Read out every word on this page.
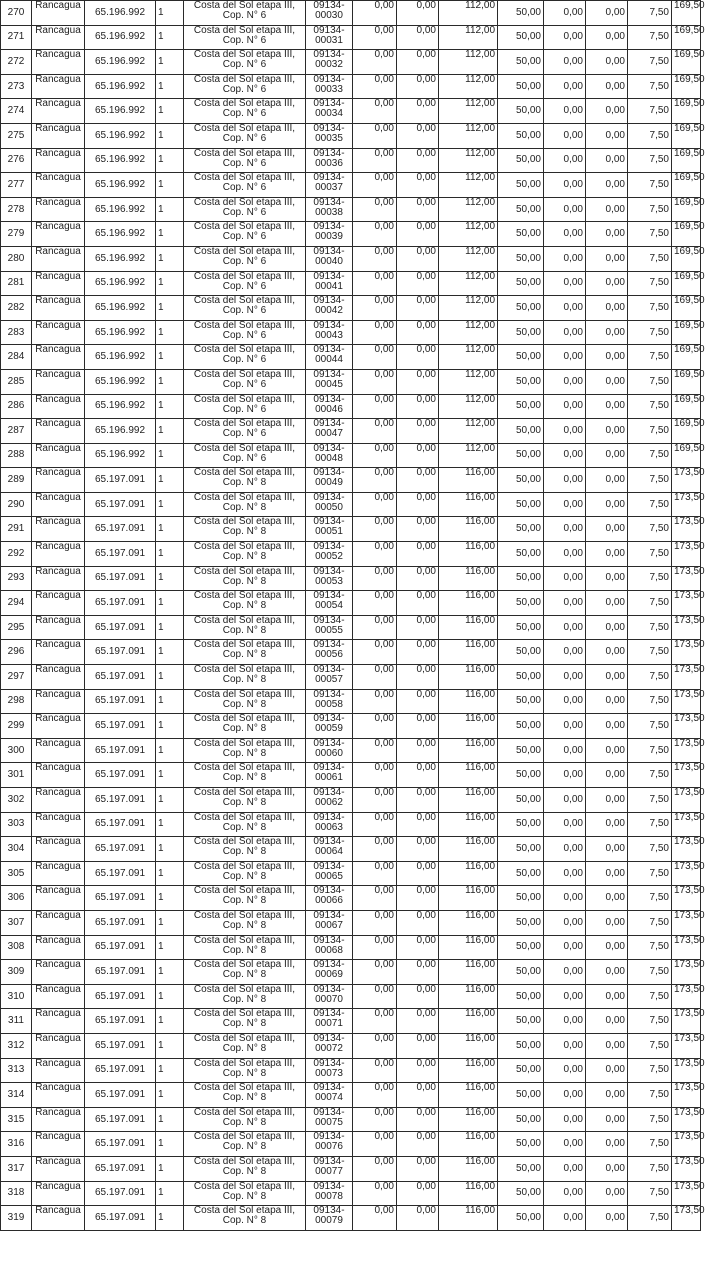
270	Rancagua	65.196.992	1	Costa del Sol etapa III,
Cop. N° 6	09134-
00030	0,00	0,00	112,00	50,00	0,00	0,00	7,50	169,50
271	Rancagua	65.196.992	1	Costa del Sol etapa III,
Cop. N° 6	09134-
00031	0,00	0,00	112,00	50,00	0,00	0,00	7,50	169,50
272	Rancagua	65.196.992	1	Costa del Sol etapa III,
Cop. N° 6	09134-
00032	0,00	0,00	112,00	50,00	0,00	0,00	7,50	169,50
273	Rancagua	65.196.992	1	Costa del Sol etapa III,
Cop. N° 6	09134-
00033	0,00	0,00	112,00	50,00	0,00	0,00	7,50	169,50
274	Rancagua	65.196.992	1	Costa del Sol etapa III,
Cop. N° 6	09134-
00034	0,00	0,00	112,00	50,00	0,00	0,00	7,50	169,50
275	Rancagua	65.196.992	1	Costa del Sol etapa III,
Cop. N° 6	09134-
00035	0,00	0,00	112,00	50,00	0,00	0,00	7,50	169,50
276	Rancagua	65.196.992	1	Costa del Sol etapa III,
Cop. N° 6	09134-
00036	0,00	0,00	112,00	50,00	0,00	0,00	7,50	169,50
277	Rancagua	65.196.992	1	Costa del Sol etapa III,
Cop. N° 6	09134-
00037	0,00	0,00	112,00	50,00	0,00	0,00	7,50	169,50
278	Rancagua	65.196.992	1	Costa del Sol etapa III,
Cop. N° 6	09134-
00038	0,00	0,00	112,00	50,00	0,00	0,00	7,50	169,50
279	Rancagua	65.196.992	1	Costa del Sol etapa III,
Cop. N° 6	09134-
00039	0,00	0,00	112,00	50,00	0,00	0,00	7,50	169,50
280	Rancagua	65.196.992	1	Costa del Sol etapa III,
Cop. N° 6	09134-
00040	0,00	0,00	112,00	50,00	0,00	0,00	7,50	169,50
281	Rancagua	65.196.992	1	Costa del Sol etapa III,
Cop. N° 6	09134-
00041	0,00	0,00	112,00	50,00	0,00	0,00	7,50	169,50
282	Rancagua	65.196.992	1	Costa del Sol etapa III,
Cop. N° 6	09134-
00042	0,00	0,00	112,00	50,00	0,00	0,00	7,50	169,50
283	Rancagua	65.196.992	1	Costa del Sol etapa III,
Cop. N° 6	09134-
00043	0,00	0,00	112,00	50,00	0,00	0,00	7,50	169,50
284	Rancagua	65.196.992	1	Costa del Sol etapa III,
Cop. N° 6	09134-
00044	0,00	0,00	112,00	50,00	0,00	0,00	7,50	169,50
285	Rancagua	65.196.992	1	Costa del Sol etapa III,
Cop. N° 6	09134-
00045	0,00	0,00	112,00	50,00	0,00	0,00	7,50	169,50
286	Rancagua	65.196.992	1	Costa del Sol etapa III,
Cop. N° 6	09134-
00046	0,00	0,00	112,00	50,00	0,00	0,00	7,50	169,50
287	Rancagua	65.196.992	1	Costa del Sol etapa III,
Cop. N° 6	09134-
00047	0,00	0,00	112,00	50,00	0,00	0,00	7,50	169,50
288	Rancagua	65.196.992	1	Costa del Sol etapa III,
Cop. N° 6	09134-
00048	0,00	0,00	112,00	50,00	0,00	0,00	7,50	169,50
289	Rancagua	65.197.091	1	Costa del Sol etapa III,
Cop. N° 8	09134-
00049	0,00	0,00	116,00	50,00	0,00	0,00	7,50	173,50
290	Rancagua	65.197.091	1	Costa del Sol etapa III,
Cop. N° 8	09134-
00050	0,00	0,00	116,00	50,00	0,00	0,00	7,50	173,50
291	Rancagua	65.197.091	1	Costa del Sol etapa III,
Cop. N° 8	09134-
00051	0,00	0,00	116,00	50,00	0,00	0,00	7,50	173,50
292	Rancagua	65.197.091	1	Costa del Sol etapa III,
Cop. N° 8	09134-
00052	0,00	0,00	116,00	50,00	0,00	0,00	7,50	173,50
293	Rancagua	65.197.091	1	Costa del Sol etapa III,
Cop. N° 8	09134-
00053	0,00	0,00	116,00	50,00	0,00	0,00	7,50	173,50
294	Rancagua	65.197.091	1	Costa del Sol etapa III,
Cop. N° 8	09134-
00054	0,00	0,00	116,00	50,00	0,00	0,00	7,50	173,50
295	Rancagua	65.197.091	1	Costa del Sol etapa III,
Cop. N° 8	09134-
00055	0,00	0,00	116,00	50,00	0,00	0,00	7,50	173,50
296	Rancagua	65.197.091	1	Costa del Sol etapa III,
Cop. N° 8	09134-
00056	0,00	0,00	116,00	50,00	0,00	0,00	7,50	173,50
297	Rancagua	65.197.091	1	Costa del Sol etapa III,
Cop. N° 8	09134-
00057	0,00	0,00	116,00	50,00	0,00	0,00	7,50	173,50
298	Rancagua	65.197.091	1	Costa del Sol etapa III,
Cop. N° 8	09134-
00058	0,00	0,00	116,00	50,00	0,00	0,00	7,50	173,50
299	Rancagua	65.197.091	1	Costa del Sol etapa III,
Cop. N° 8	09134-
00059	0,00	0,00	116,00	50,00	0,00	0,00	7,50	173,50
300	Rancagua	65.197.091	1	Costa del Sol etapa III,
Cop. N° 8	09134-
00060	0,00	0,00	116,00	50,00	0,00	0,00	7,50	173,50
301	Rancagua	65.197.091	1	Costa del Sol etapa III,
Cop. N° 8	09134-
00061	0,00	0,00	116,00	50,00	0,00	0,00	7,50	173,50
302	Rancagua	65.197.091	1	Costa del Sol etapa III,
Cop. N° 8	09134-
00062	0,00	0,00	116,00	50,00	0,00	0,00	7,50	173,50
303	Rancagua	65.197.091	1	Costa del Sol etapa III,
Cop. N° 8	09134-
00063	0,00	0,00	116,00	50,00	0,00	0,00	7,50	173,50
304	Rancagua	65.197.091	1	Costa del Sol etapa III,
Cop. N° 8	09134-
00064	0,00	0,00	116,00	50,00	0,00	0,00	7,50	173,50
305	Rancagua	65.197.091	1	Costa del Sol etapa III,
Cop. N° 8	09134-
00065	0,00	0,00	116,00	50,00	0,00	0,00	7,50	173,50
306	Rancagua	65.197.091	1	Costa del Sol etapa III,
Cop. N° 8	09134-
00066	0,00	0,00	116,00	50,00	0,00	0,00	7,50	173,50
307	Rancagua	65.197.091	1	Costa del Sol etapa III,
Cop. N° 8	09134-
00067	0,00	0,00	116,00	50,00	0,00	0,00	7,50	173,50
308	Rancagua	65.197.091	1	Costa del Sol etapa III,
Cop. N° 8	09134-
00068	0,00	0,00	116,00	50,00	0,00	0,00	7,50	173,50
309	Rancagua	65.197.091	1	Costa del Sol etapa III,
Cop. N° 8	09134-
00069	0,00	0,00	116,00	50,00	0,00	0,00	7,50	173,50
310	Rancagua	65.197.091	1	Costa del Sol etapa III,
Cop. N° 8	09134-
00070	0,00	0,00	116,00	50,00	0,00	0,00	7,50	173,50
311	Rancagua	65.197.091	1	Costa del Sol etapa III,
Cop. N° 8	09134-
00071	0,00	0,00	116,00	50,00	0,00	0,00	7,50	173,50
312	Rancagua	65.197.091	1	Costa del Sol etapa III,
Cop. N° 8	09134-
00072	0,00	0,00	116,00	50,00	0,00	0,00	7,50	173,50
313	Rancagua	65.197.091	1	Costa del Sol etapa III,
Cop. N° 8	09134-
00073	0,00	0,00	116,00	50,00	0,00	0,00	7,50	173,50
314	Rancagua	65.197.091	1	Costa del Sol etapa III,
Cop. N° 8	09134-
00074	0,00	0,00	116,00	50,00	0,00	0,00	7,50	173,50
315	Rancagua	65.197.091	1	Costa del Sol etapa III,
Cop. N° 8	09134-
00075	0,00	0,00	116,00	50,00	0,00	0,00	7,50	173,50
316	Rancagua	65.197.091	1	Costa del Sol etapa III,
Cop. N° 8	09134-
00076	0,00	0,00	116,00	50,00	0,00	0,00	7,50	173,50
317	Rancagua	65.197.091	1	Costa del Sol etapa III,
Cop. N° 8	09134-
00077	0,00	0,00	116,00	50,00	0,00	0,00	7,50	173,50
318	Rancagua	65.197.091	1	Costa del Sol etapa III,
Cop. N° 8	09134-
00078	0,00	0,00	116,00	50,00	0,00	0,00	7,50	173,50
319	Rancagua	65.197.091	1	Costa del Sol etapa III,
Cop. N° 8	09134-
00079	0,00	0,00	116,00	50,00	0,00	0,00	7,50	173,50
